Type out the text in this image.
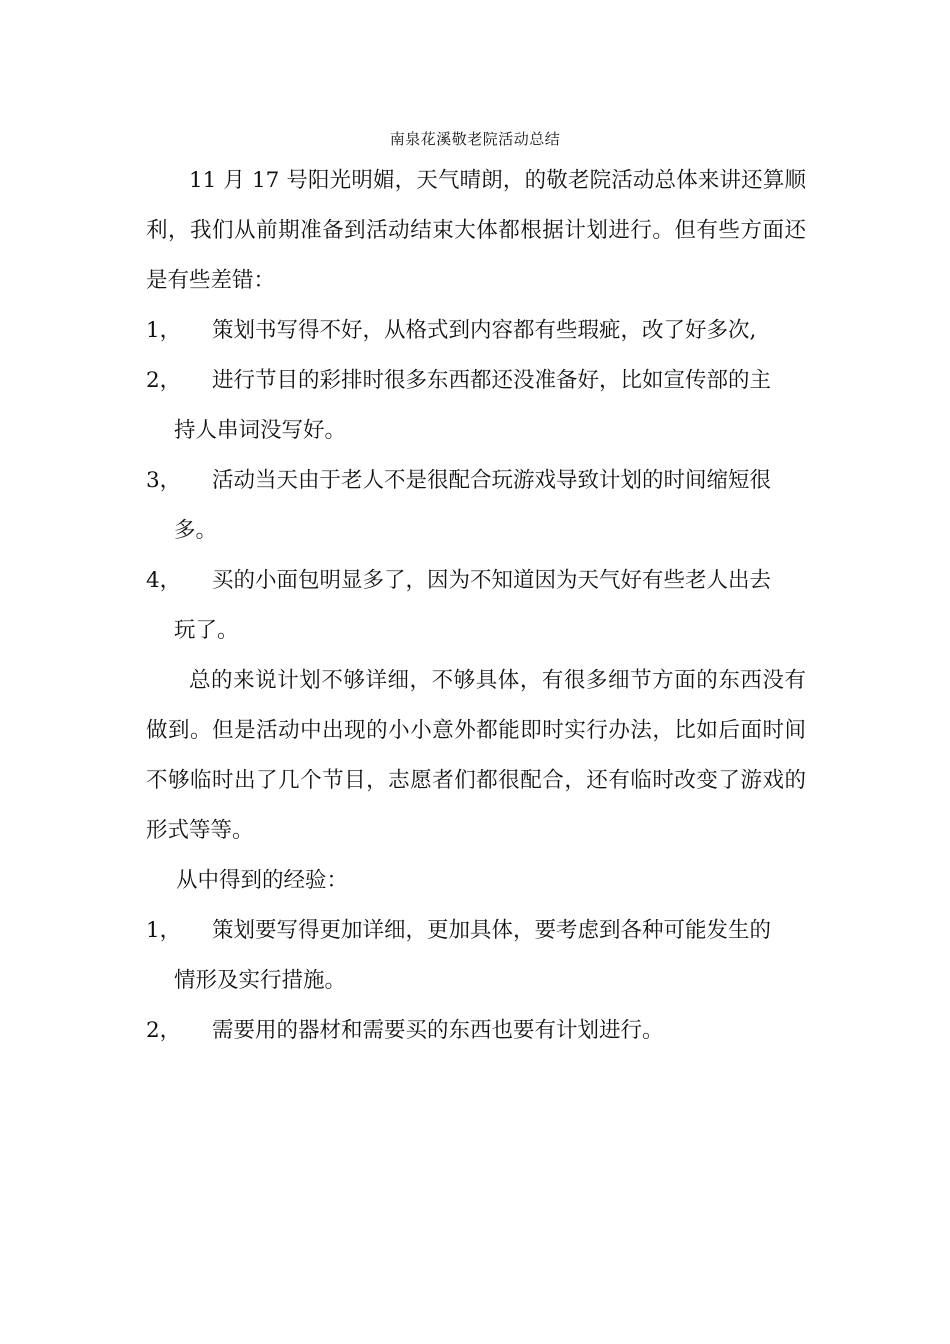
南泉花溪敬老院活动总结

11 月 17 号阳光明媚，天气晴朗，的敬老院活动总体来讲还算顺利，我们从前期准备到活动结束大体都根据计划进行。但有些方面还是有些差错：

1， 策划书写得不好，从格式到内容都有些瑕疵，改了好多次,
2， 进行节目的彩排时很多东西都还没准备好，比如宣传部的主
持人串词没写好。
3， 活动当天由于老人不是很配合玩游戏导致计划的时间缩短很
多。
4， 买的小面包明显多了，因为不知道因为天气好有些老人出去
玩了。

总的来说计划不够详细，不够具体，有很多细节方面的东西没有做到。但是活动中出现的小小意外都能即时实行办法，比如后面时间不够临时出了几个节目，志愿者们都很配合，还有临时改变了游戏的形式等等。

从中得到的经验：

1， 策划要写得更加详细，更加具体，要考虑到各种可能发生的
情形及实行措施。
2， 需要用的器材和需要买的东西也要有计划进行。
